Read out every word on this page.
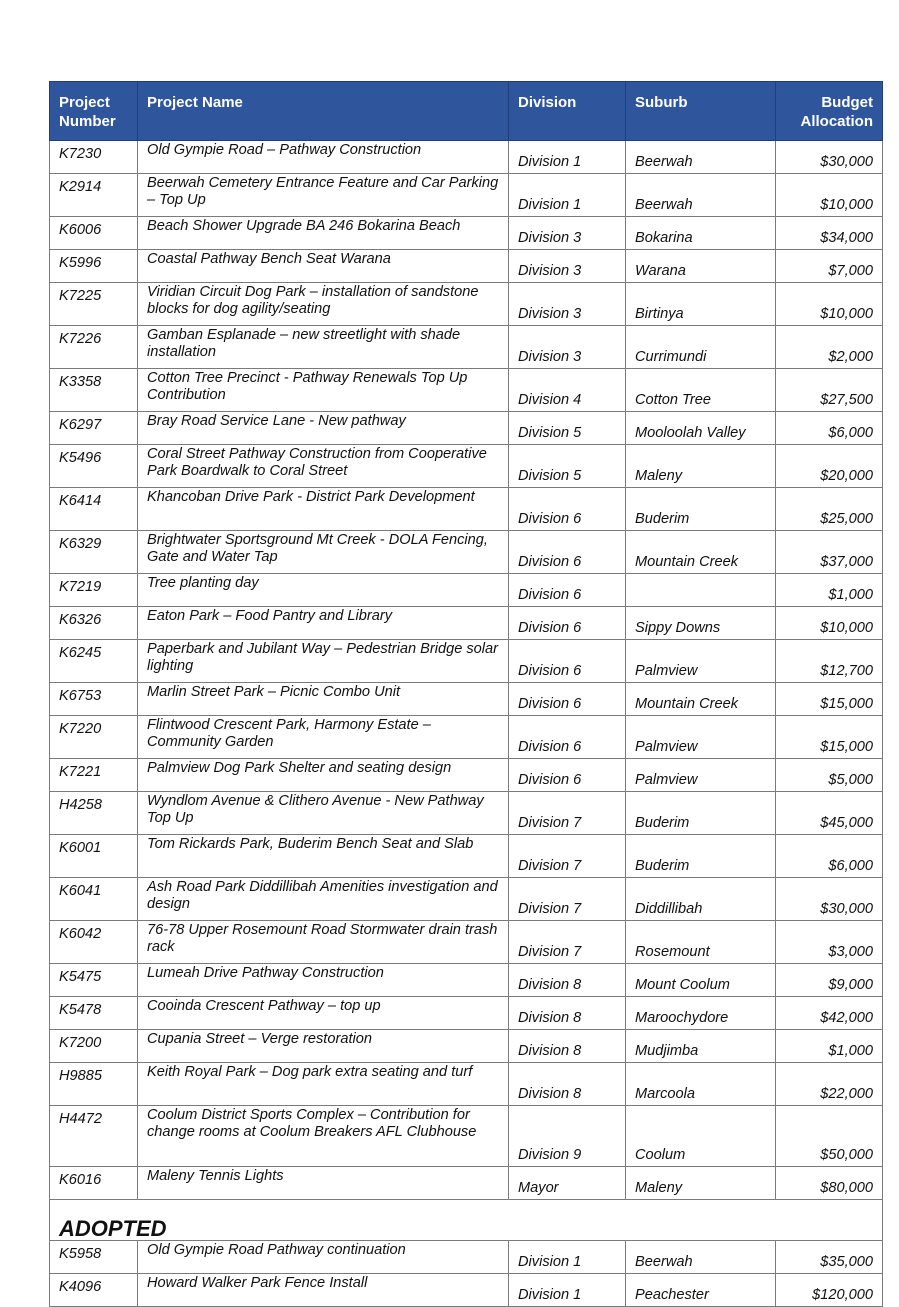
Project
Number	Project Name	Division	Suburb	Budget
Allocation
K7230	Old Gympie Road – Pathway Construction	Division 1	Beerwah	$30,000
K2914	Beerwah Cemetery Entrance Feature and Car Parking – Top Up	Division 1	Beerwah	$10,000
K6006	Beach Shower Upgrade BA 246 Bokarina Beach	Division 3	Bokarina	$34,000
K5996	Coastal Pathway Bench Seat Warana	Division 3	Warana	$7,000
K7225	Viridian Circuit Dog Park – installation of sandstone blocks for dog agility/seating	Division 3	Birtinya	$10,000
K7226	Gamban Esplanade – new streetlight with shade installation	Division 3	Currimundi	$2,000
K3358	Cotton Tree Precinct - Pathway Renewals Top Up Contribution	Division 4	Cotton Tree	$27,500
K6297	Bray Road Service Lane - New pathway	Division 5	Mooloolah Valley	$6,000
K5496	Coral Street Pathway Construction from Cooperative Park Boardwalk to Coral Street	Division 5	Maleny	$20,000
K6414	Khancoban Drive Park - District Park Development	Division 6	Buderim	$25,000
K6329	Brightwater Sportsground Mt Creek - DOLA Fencing, Gate and Water Tap	Division 6	Mountain Creek	$37,000
K7219	Tree planting day	Division 6		$1,000
K6326	Eaton Park – Food Pantry and Library	Division 6	Sippy Downs	$10,000
K6245	Paperbark and Jubilant Way – Pedestrian Bridge solar lighting	Division 6	Palmview	$12,700
K6753	Marlin Street Park – Picnic Combo Unit	Division 6	Mountain Creek	$15,000
K7220	Flintwood Crescent Park, Harmony Estate – Community Garden	Division 6	Palmview	$15,000
K7221	Palmview Dog Park Shelter and seating design	Division 6	Palmview	$5,000
H4258	Wyndlom Avenue & Clithero Avenue - New Pathway Top Up	Division 7	Buderim	$45,000
K6001	Tom Rickards Park, Buderim Bench Seat and Slab	Division 7	Buderim	$6,000
K6041	Ash Road Park Diddillibah Amenities investigation and design	Division 7	Diddillibah	$30,000
K6042	76-78 Upper Rosemount Road Stormwater drain trash rack	Division 7	Rosemount	$3,000
K5475	Lumeah Drive Pathway Construction	Division 8	Mount Coolum	$9,000
K5478	Cooinda Crescent Pathway – top up	Division 8	Maroochydore	$42,000
K7200	Cupania Street – Verge restoration	Division 8	Mudjimba	$1,000
H9885	Keith Royal Park – Dog park extra seating and turf	Division 8	Marcoola	$22,000
H4472	Coolum District Sports Complex – Contribution for change rooms at Coolum Breakers AFL Clubhouse	Division 9	Coolum	$50,000
K6016	Maleny Tennis Lights	Mayor	Maleny	$80,000
ADOPTED				
K5958	Old Gympie Road Pathway continuation	Division 1	Beerwah	$35,000
K4096	Howard Walker Park Fence Install	Division 1	Peachester	$120,000
